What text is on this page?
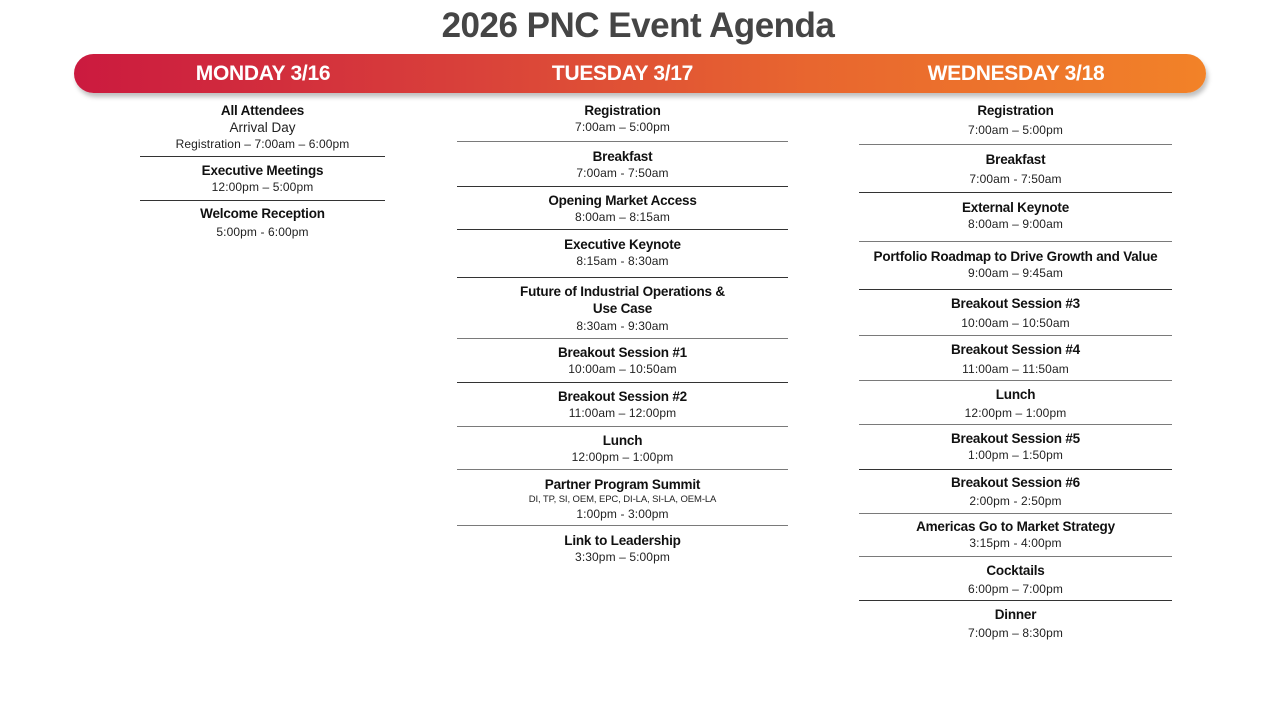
2026 PNC Event Agenda
MONDAY 3/16	TUESDAY 3/17	WEDNESDAY 3/18
All Attendees
Arrival Day
Registration – 7:00am – 6:00pm
Executive Meetings
12:00pm – 5:00pm
Welcome Reception
5:00pm - 6:00pm
Registration
7:00am – 5:00pm
Breakfast
7:00am - 7:50am
Opening Market Access
8:00am – 8:15am
Executive Keynote
8:15am - 8:30am
Future of Industrial Operations &
Use Case
8:30am - 9:30am
Breakout Session #1
10:00am – 10:50am
Breakout Session #2
11:00am – 12:00pm
Lunch
12:00pm – 1:00pm
Partner Program Summit
DI, TP, SI, OEM, EPC, DI-LA, SI-LA, OEM-LA
1:00pm - 3:00pm
Link to Leadership
3:30pm – 5:00pm
Registration
7:00am – 5:00pm
Breakfast
7:00am - 7:50am
External Keynote
8:00am – 9:00am
Portfolio Roadmap to Drive Growth and Value
9:00am – 9:45am
Breakout Session #3
10:00am – 10:50am
Breakout Session #4
11:00am – 11:50am
Lunch
12:00pm – 1:00pm
Breakout Session #5
1:00pm – 1:50pm
Breakout Session #6
2:00pm - 2:50pm
Americas Go to Market Strategy
3:15pm - 4:00pm
Cocktails
6:00pm – 7:00pm
Dinner
7:00pm – 8:30pm
